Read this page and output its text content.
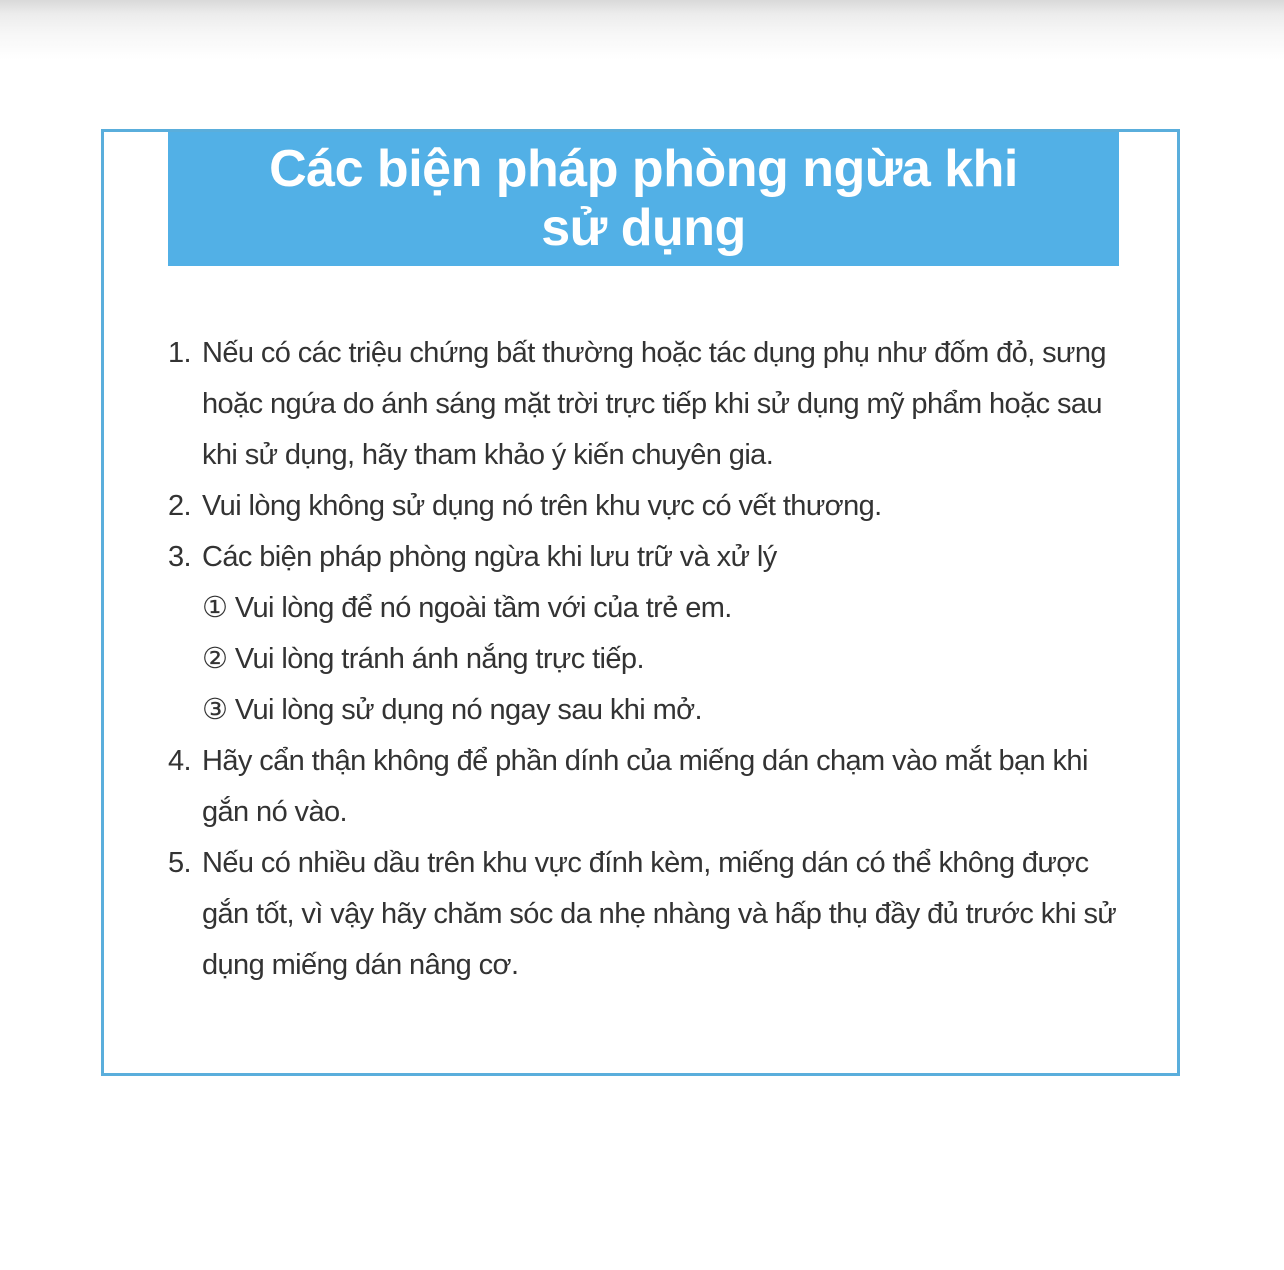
Các biện pháp phòng ngừa khi sử dụng
1. Nếu có các triệu chứng bất thường hoặc tác dụng phụ như đốm đỏ, sưng hoặc ngứa do ánh sáng mặt trời trực tiếp khi sử dụng mỹ phẩm hoặc sau khi sử dụng, hãy tham khảo ý kiến chuyên gia.
2. Vui lòng không sử dụng nó trên khu vực có vết thương.
3. Các biện pháp phòng ngừa khi lưu trữ và xử lý
① Vui lòng để nó ngoài tầm với của trẻ em.
② Vui lòng tránh ánh nắng trực tiếp.
③ Vui lòng sử dụng nó ngay sau khi mở.
4. Hãy cẩn thận không để phần dính của miếng dán chạm vào mắt bạn khi gắn nó vào.
5. Nếu có nhiều dầu trên khu vực đính kèm, miếng dán có thể không được gắn tốt, vì vậy hãy chăm sóc da nhẹ nhàng và hấp thụ đầy đủ trước khi sử dụng miếng dán nâng cơ.
